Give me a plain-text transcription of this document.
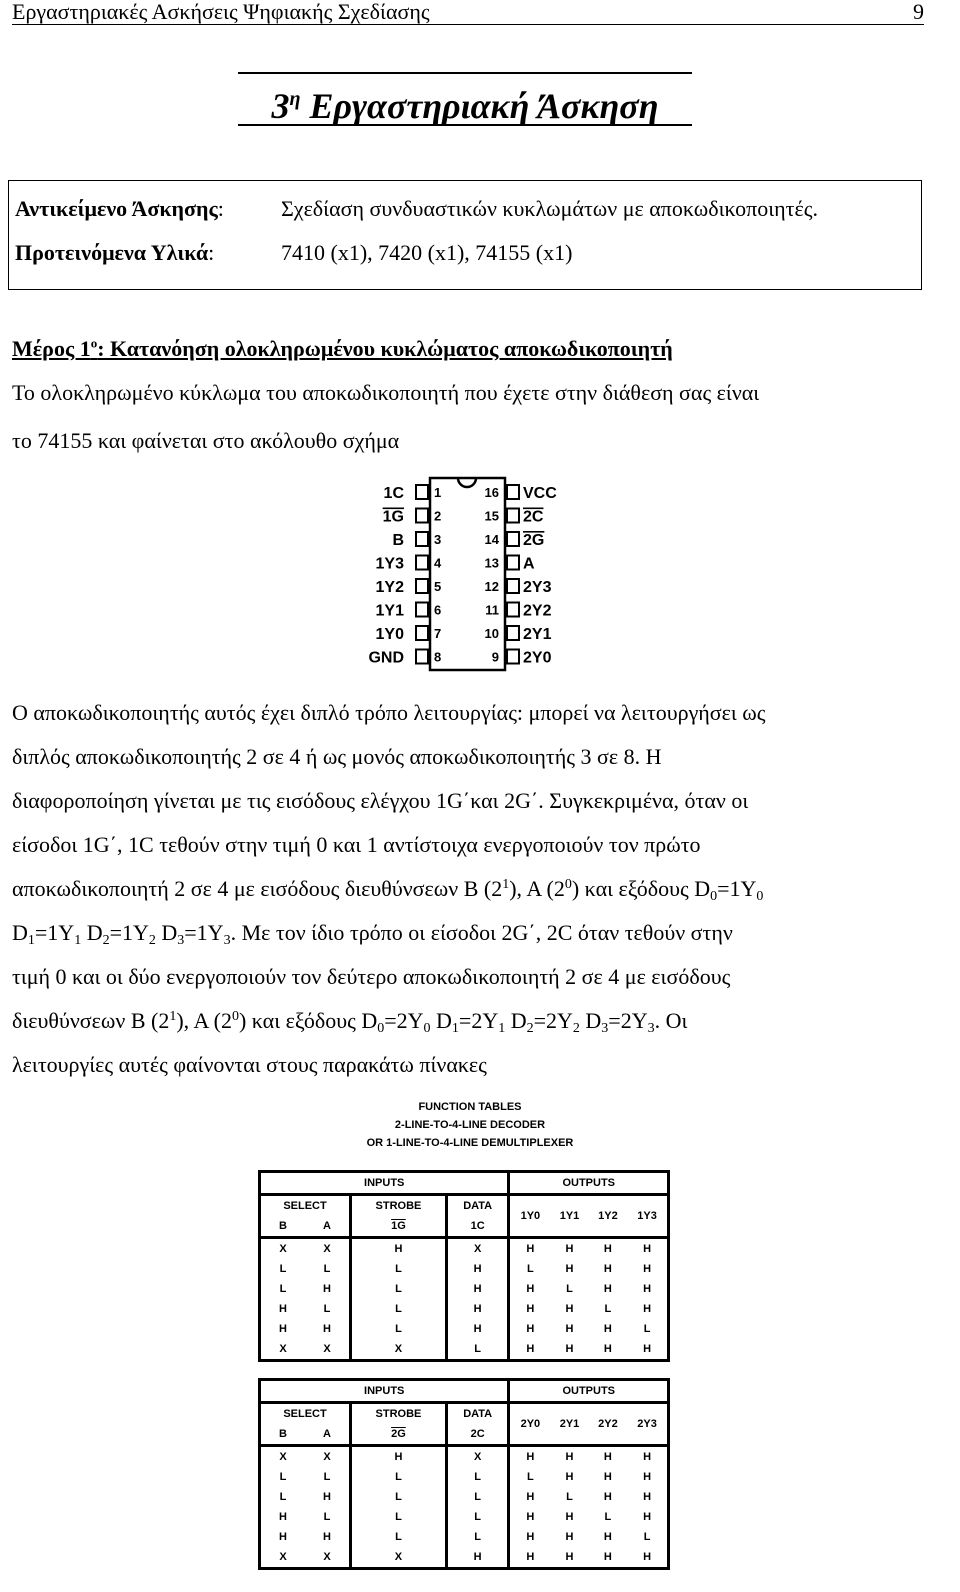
Εργαστηριακές Ασκήσεις Ψηφιακής Σχεδίασης	9
$3^\eta$ Εργαστηριακή Άσκηση
Αντικείμενο Άσκησης:	Σχεδίαση συνδυαστικών κυκλωμάτων με αποκωδικοποιητές.
Προτεινόμενα Υλικά:	7410 (x1), 7420 (x1), 74155 (x1)
Μέρος $1^o$: Κατανόηση ολοκληρωμένου κυκλώματος αποκωδικοποιητή
Το ολοκληρωμένο κύκλωμα του αποκωδικοποιητή που έχετε στην διάθεση σας είναι
το 74155 και φαίνεται στο ακόλουθο σχήμα
1C 1	16 VCC
1G 2	15 2C
B 3	14 2G
1Y3 4	13 A
1Y2 5	12 2Y3
1Y1 6	11 2Y2
1Y0 7	10 2Y1
GND 8	9 2Y0
Ο αποκωδικοποιητής αυτός έχει διπλό τρόπο λειτουργίας: μπορεί να λειτουργήσει ως
διπλός αποκωδικοποιητής 2 σε 4 ή ως μονός αποκωδικοποιητής 3 σε 8. Η
διαφοροποίηση γίνεται με τις εισόδους ελέγχου 1G΄και 2G΄. Συγκεκριμένα, όταν οι
είσοδοι 1G΄, 1C τεθούν στην τιμή 0 και 1 αντίστοιχα ενεργοποιούν τον πρώτο
αποκωδικοποιητή 2 σε 4 με εισόδους διευθύνσεων B $(2^1)$, A $(2^0)$ και εξόδους $D_0=1Y_0$
$D_1=1Y_1$ $D_2=1Y_2$ $D_3=1Y_3$. Με τον ίδιο τρόπο οι είσοδοι 2G΄, 2C όταν τεθούν στην
τιμή 0 και οι δύο ενεργοποιούν τον δεύτερο αποκωδικοποιητή 2 σε 4 με εισόδους
διευθύνσεων B $(2^1)$, A $(2^0)$ και εξόδους $D_0=2Y_0$ $D_1=2Y_1$ $D_2=2Y_2$ $D_3=2Y_3$. Οι
λειτουργίες αυτές φαίνονται στους παρακάτω πίνακες
FUNCTION TABLES
2-LINE-TO-4-LINE DECODER
OR 1-LINE-TO-4-LINE DEMULTIPLEXER
INPUTS				OUTPUTS			
SELECT		STROBE	DATA	1Y0	1Y1	1Y2	1Y3
B	A	1G	1C				
X	X	H	X	H	H	H	H
L	L	L	H	L	H	H	H
L	H	L	H	H	L	H	H
H	L	L	H	H	H	L	H
H	H	L	H	H	H	H	L
X	X	X	L	H	H	H	H
INPUTS				OUTPUTS			
SELECT		STROBE	DATA	2Y0	2Y1	2Y2	2Y3
B	A	2G	2C				
X	X	H	X	H	H	H	H
L	L	L	L	L	H	H	H
L	H	L	L	H	L	H	H
H	L	L	L	H	H	L	H
H	H	L	L	H	H	H	L
X	X	X	H	H	H	H	H
